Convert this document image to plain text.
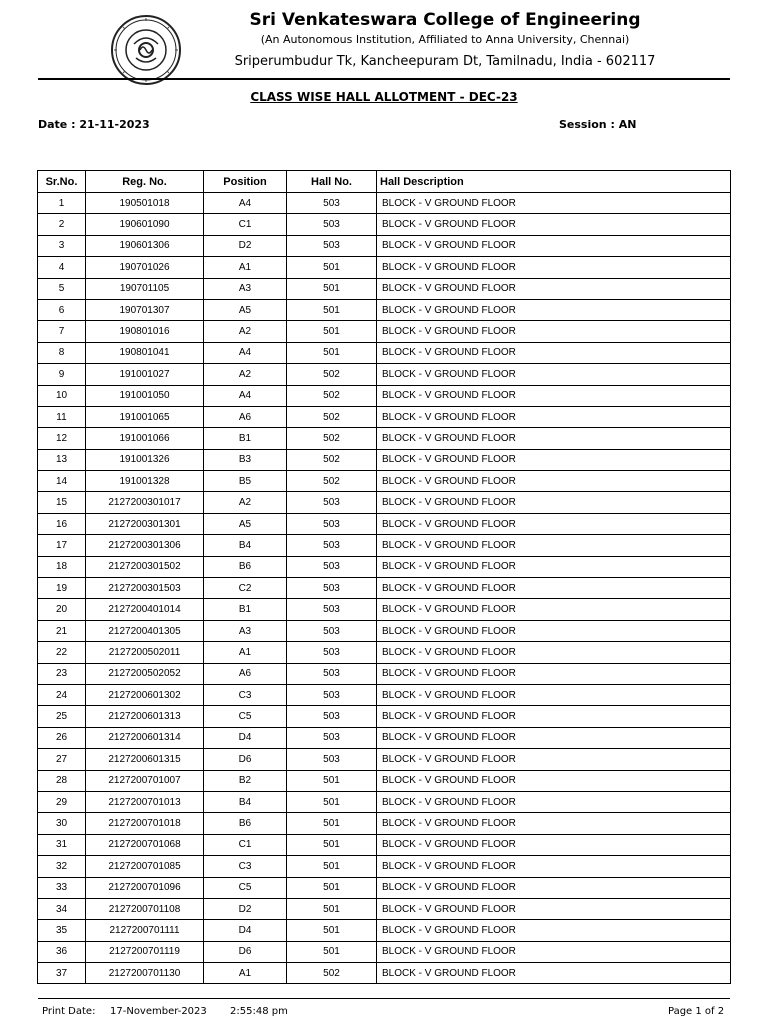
Sri Venkateswara College of Engineering
(An Autonomous Institution, Affiliated to Anna University, Chennai)
Sriperumbudur Tk, Kancheepuram Dt, Tamilnadu, India - 602117
CLASS WISE HALL ALLOTMENT - DEC-23
Date : 21-11-2023	Session : AN
Sr.No.	Reg. No.	Position	Hall No.	Hall Description
1	190501018	A4	503	BLOCK - V GROUND FLOOR
2	190601090	C1	503	BLOCK - V GROUND FLOOR
3	190601306	D2	503	BLOCK - V GROUND FLOOR
4	190701026	A1	501	BLOCK - V GROUND FLOOR
5	190701105	A3	501	BLOCK - V GROUND FLOOR
6	190701307	A5	501	BLOCK - V GROUND FLOOR
7	190801016	A2	501	BLOCK - V GROUND FLOOR
8	190801041	A4	501	BLOCK - V GROUND FLOOR
9	191001027	A2	502	BLOCK - V GROUND FLOOR
10	191001050	A4	502	BLOCK - V GROUND FLOOR
11	191001065	A6	502	BLOCK - V GROUND FLOOR
12	191001066	B1	502	BLOCK - V GROUND FLOOR
13	191001326	B3	502	BLOCK - V GROUND FLOOR
14	191001328	B5	502	BLOCK - V GROUND FLOOR
15	2127200301017	A2	503	BLOCK - V GROUND FLOOR
16	2127200301301	A5	503	BLOCK - V GROUND FLOOR
17	2127200301306	B4	503	BLOCK - V GROUND FLOOR
18	2127200301502	B6	503	BLOCK - V GROUND FLOOR
19	2127200301503	C2	503	BLOCK - V GROUND FLOOR
20	2127200401014	B1	503	BLOCK - V GROUND FLOOR
21	2127200401305	A3	503	BLOCK - V GROUND FLOOR
22	2127200502011	A1	503	BLOCK - V GROUND FLOOR
23	2127200502052	A6	503	BLOCK - V GROUND FLOOR
24	2127200601302	C3	503	BLOCK - V GROUND FLOOR
25	2127200601313	C5	503	BLOCK - V GROUND FLOOR
26	2127200601314	D4	503	BLOCK - V GROUND FLOOR
27	2127200601315	D6	503	BLOCK - V GROUND FLOOR
28	2127200701007	B2	501	BLOCK - V GROUND FLOOR
29	2127200701013	B4	501	BLOCK - V GROUND FLOOR
30	2127200701018	B6	501	BLOCK - V GROUND FLOOR
31	2127200701068	C1	501	BLOCK - V GROUND FLOOR
32	2127200701085	C3	501	BLOCK - V GROUND FLOOR
33	2127200701096	C5	501	BLOCK - V GROUND FLOOR
34	2127200701108	D2	501	BLOCK - V GROUND FLOOR
35	2127200701111	D4	501	BLOCK - V GROUND FLOOR
36	2127200701119	D6	501	BLOCK - V GROUND FLOOR
37	2127200701130	A1	502	BLOCK - V GROUND FLOOR
Print Date: 17-November-2023 2:55:48 pm	Page 1 of 2
